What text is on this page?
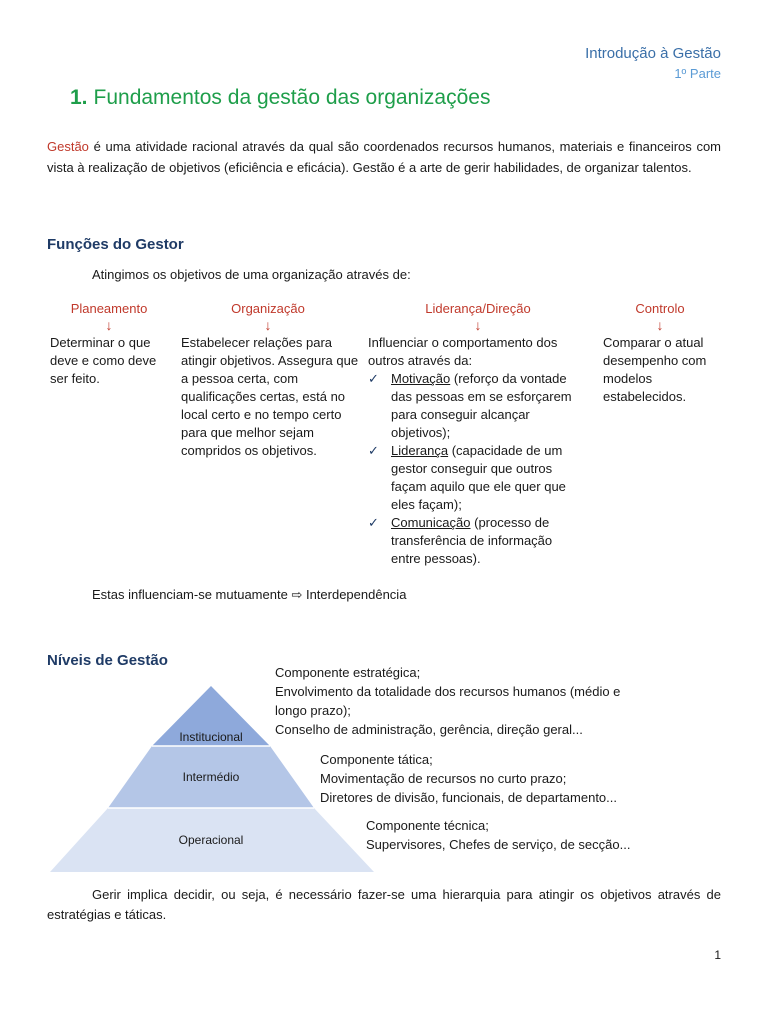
Introdução à Gestão
1º Parte
1. Fundamentos da gestão das organizações
Gestão é uma atividade racional através da qual são coordenados recursos humanos, materiais e financeiros com vista à realização de objetivos (eficiência e eficácia). Gestão é a arte de gerir habilidades, de organizar talentos.
Funções do Gestor
Atingimos os objetivos de uma organização através de:
Planeamento
↓
Organização
↓
Liderança/Direção
↓
Controlo
↓
Determinar o que deve e como deve ser feito.
Estabelecer relações para atingir objetivos. Assegura que a pessoa certa, com qualificações certas, está no local certo e no tempo certo para que melhor sejam compridos os objetivos.
Influenciar o comportamento dos outros através da:
✓ Motivação (reforço da vontade das pessoas em se esforçarem para conseguir alcançar objetivos);
✓ Liderança (capacidade de um gestor conseguir que outros façam aquilo que ele quer que eles façam);
✓ Comunicação (processo de transferência de informação entre pessoas).
Comparar o atual desempenho com modelos estabelecidos.
Estas influenciam-se mutuamente ⇨ Interdependência
Níveis de Gestão
Institucional
Intermédio
Operacional
Componente estratégica;
Envolvimento da totalidade dos recursos humanos (médio e
longo prazo);
Conselho de administração, gerência, direção geral...
Componente tática;
Movimentação de recursos no curto prazo;
Diretores de divisão, funcionais, de departamento...
Componente técnica;
Supervisores, Chefes de serviço, de secção...
Gerir implica decidir, ou seja, é necessário fazer-se uma hierarquia para atingir os objetivos através de estratégias e táticas.
1
